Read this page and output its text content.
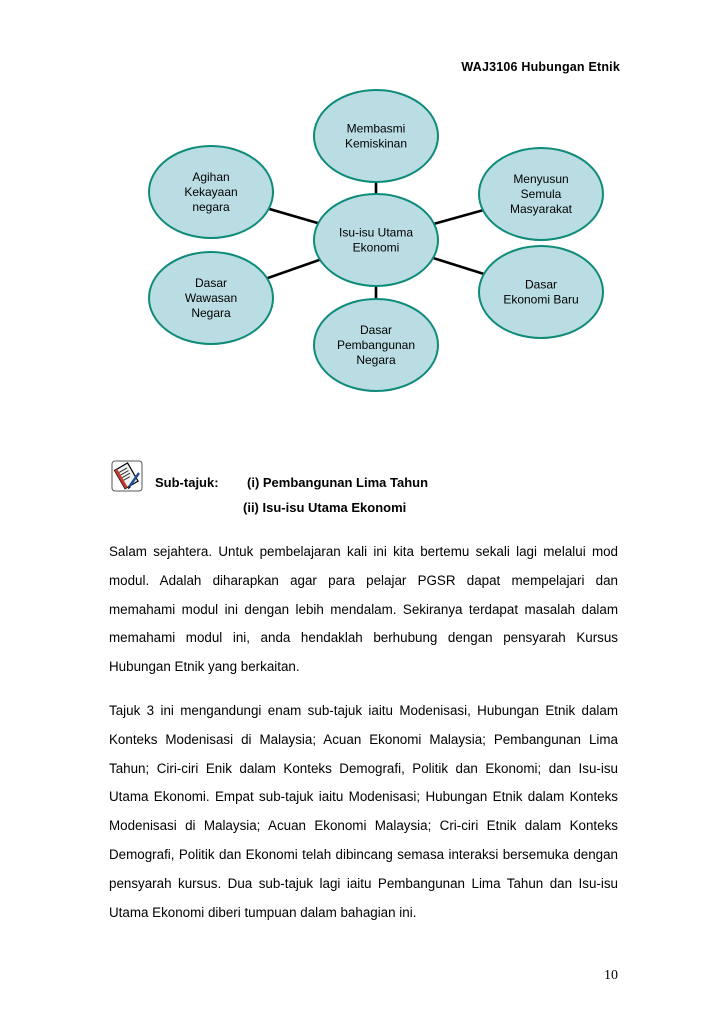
WAJ3106 Hubungan Etnik
Membasmi
Kemiskinan
Menyusun
Semula
Masyarakat
Dasar
Ekonomi Baru
Dasar
Pembangunan
Negara
Dasar
Wawasan
Negara
Agihan
Kekayaan
negara
Isu-isu Utama
Ekonomi
Sub-tajuk: (i) Pembangunan Lima Tahun
(ii) Isu-isu Utama Ekonomi

Salam sejahtera. Untuk pembelajaran kali ini kita bertemu sekali lagi melalui mod modul. Adalah diharapkan agar para pelajar PGSR dapat mempelajari dan memahami modul ini dengan lebih mendalam. Sekiranya terdapat masalah dalam memahami modul ini, anda hendaklah berhubung dengan pensyarah Kursus Hubungan Etnik yang berkaitan.

Tajuk 3 ini mengandungi enam sub-tajuk iaitu Modenisasi, Hubungan Etnik dalam Konteks Modenisasi di Malaysia; Acuan Ekonomi Malaysia; Pembangunan Lima Tahun; Ciri-ciri Enik dalam Konteks Demografi, Politik dan Ekonomi; dan Isu-isu Utama Ekonomi. Empat sub-tajuk iaitu Modenisasi; Hubungan Etnik dalam Konteks Modenisasi di Malaysia; Acuan Ekonomi Malaysia; Cri-ciri Etnik dalam Konteks Demografi, Politik dan Ekonomi telah dibincang semasa interaksi bersemuka dengan pensyarah kursus. Dua sub-tajuk lagi iaitu Pembangunan Lima Tahun dan Isu-isu Utama Ekonomi diberi tumpuan dalam bahagian ini.

10
